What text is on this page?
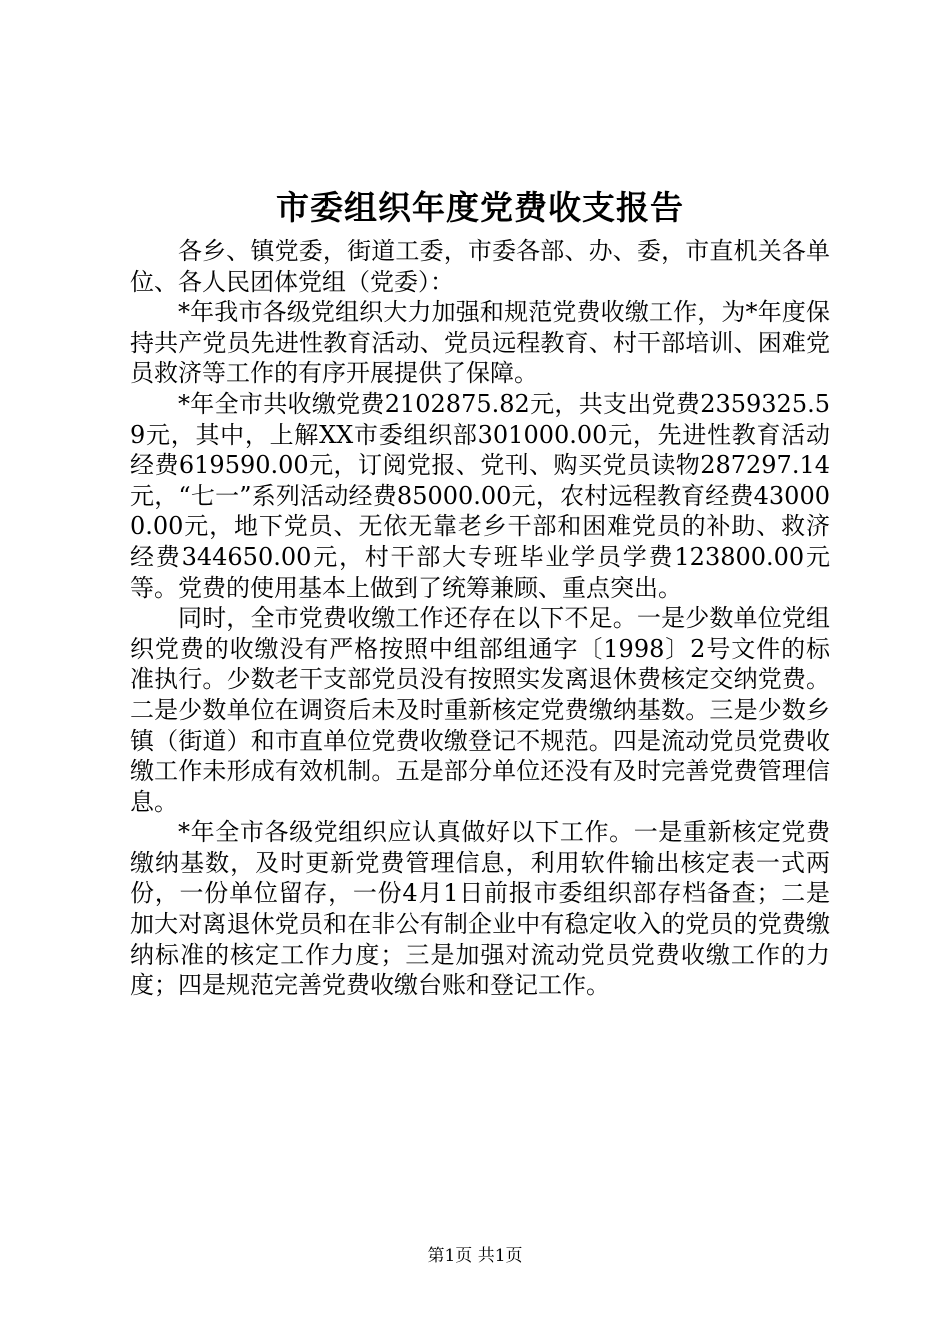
市委组织年度党费收支报告

各乡、镇党委，街道工委，市委各部、办、委，市直机关各单位、各人民团体党组（党委）：

*年我市各级党组织大力加强和规范党费收缴工作，为*年度保持共产党员先进性教育活动、党员远程教育、村干部培训、困难党员救济等工作的有序开展提供了保障。

*年全市共收缴党费2102875.82元，共支出党费2359325.59元，其中，上解XX市委组织部301000.00元，先进性教育活动经费619590.00元，订阅党报、党刊、购买党员读物287297.14元，“七一”系列活动经费85000.00元，农村远程教育经费430000.00元，地下党员、无依无靠老乡干部和困难党员的补助、救济经费344650.00元，村干部大专班毕业学员学费123800.00元等。党费的使用基本上做到了统筹兼顾、重点突出。

同时，全市党费收缴工作还存在以下不足。一是少数单位党组织党费的收缴没有严格按照中组部组通字〔1998〕2号文件的标准执行。少数老干支部党员没有按照实发离退休费核定交纳党费。二是少数单位在调资后未及时重新核定党费缴纳基数。三是少数乡镇（街道）和市直单位党费收缴登记不规范。四是流动党员党费收缴工作未形成有效机制。五是部分单位还没有及时完善党费管理信息。

*年全市各级党组织应认真做好以下工作。一是重新核定党费缴纳基数，及时更新党费管理信息，利用软件输出核定表一式两份，一份单位留存，一份4月1日前报市委组织部存档备查；二是加大对离退休党员和在非公有制企业中有稳定收入的党员的党费缴纳标准的核定工作力度；三是加强对流动党员党费收缴工作的力度；四是规范完善党费收缴台账和登记工作。

第1页 共1页
